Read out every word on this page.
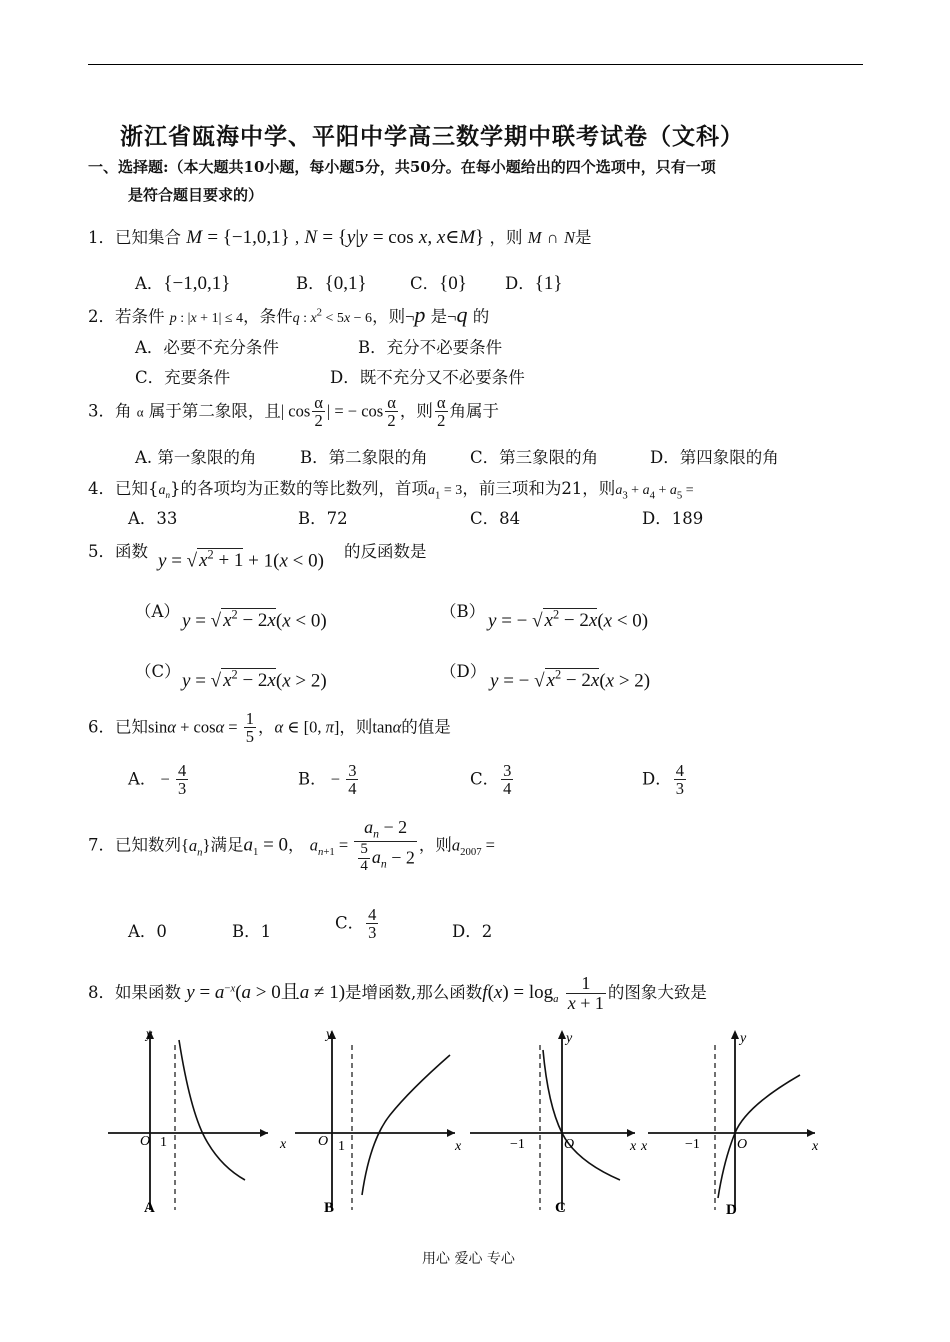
浙江省瓯海中学、平阳中学高三数学期中联考试卷（文科）
一、选择题:（本大题共10小题，每小题5分，共50分。在每小题给出的四个选项中，只有一项
是符合题目要求的）
1．已知集合 M = {−1,0,1} , N = {y|y = cos x, x∈M} ，则 M ∩ N是
A．{−1,0,1}	B．{0,1}	C．{0} D．{1}
2．若条件 p : |x + 1| ≤ 4，条件q : $x^2 < 5x - 6$，则¬p 是¬q 的
A．必要不充分条件	B．充分不必要条件
C．充要条件	D．既不充分又不必要条件
3．角 α 属于第二象限，且| $\cos \frac{\alpha}{2}$ | = − $\cos \frac{\alpha}{2}$ ，则 $\frac{\alpha}{2}$ 角属于
A. 第一象限的角	B．第二象限的角	C．第三象限的角	D．第四象限的角
4．已知$\{a_n\}$的各项均为正数的等比数列，首项$a_1 = 3$，前三项和为21，则$a_3 + a_4 + a_5$ =
A．33	B．72	C．84	D．189
5．函数 y = √ $x^2 + 1 + 1(x < 0)$ 的反函数是
（A） y = √ $x^2 - 2x(x < 0)$	（B） y = − √ $x^2 - 2x(x < 0)$
（C） y = √ $x^2 - 2x(x > 2)$	（D） y = − √ $x^2 - 2x(x > 2)$
6．已知$\sin\alpha + \cos\alpha = \frac{1}{5}$ ，α ∈ [0, π]，则tanα的值是
A． − $\frac{4}{3}$	B． − $\frac{3}{4}$	C． $\frac{3}{4}$	D． $\frac{4}{3}$
7．已知数列$\{a_n\}$满足$a_1 = 0$， $a_{n+1} = \frac{a_n - 2}{\frac{5}{4} a_n - 2}$ ，则$a_{2007}$ =
A．0	B．1	C． $\frac{4}{3}$	D．2
8．如果函数 $y = a^{-x}(a > 0$且a ≠ 1)是增函数,那么函数$f(x) = \log_a \frac{1}{x + 1}$ 的图象大致是
O 1
y
A
O 1
x	x
y
B
−1	O	x
y
C
x	−1	O	x
y
D
用心 爱心 专心
